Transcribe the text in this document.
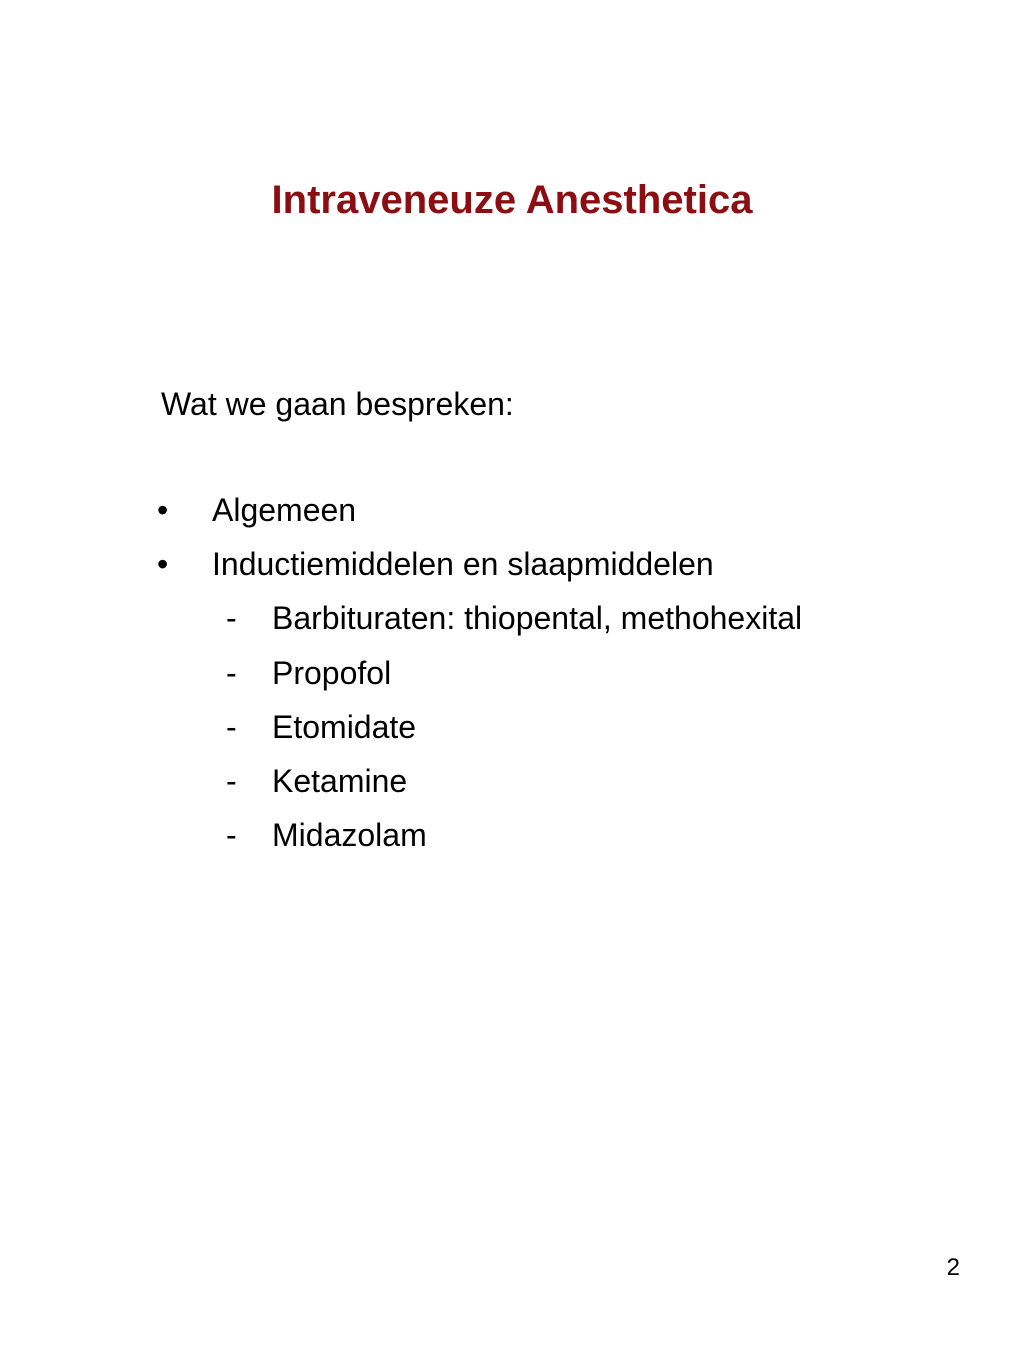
Intraveneuze Anesthetica

Wat we gaan bespreken:

• Algemeen
• Inductiemiddelen en slaapmiddelen
- Barbituraten: thiopental, methohexital
- Propofol
- Etomidate
- Ketamine
- Midazolam
2
